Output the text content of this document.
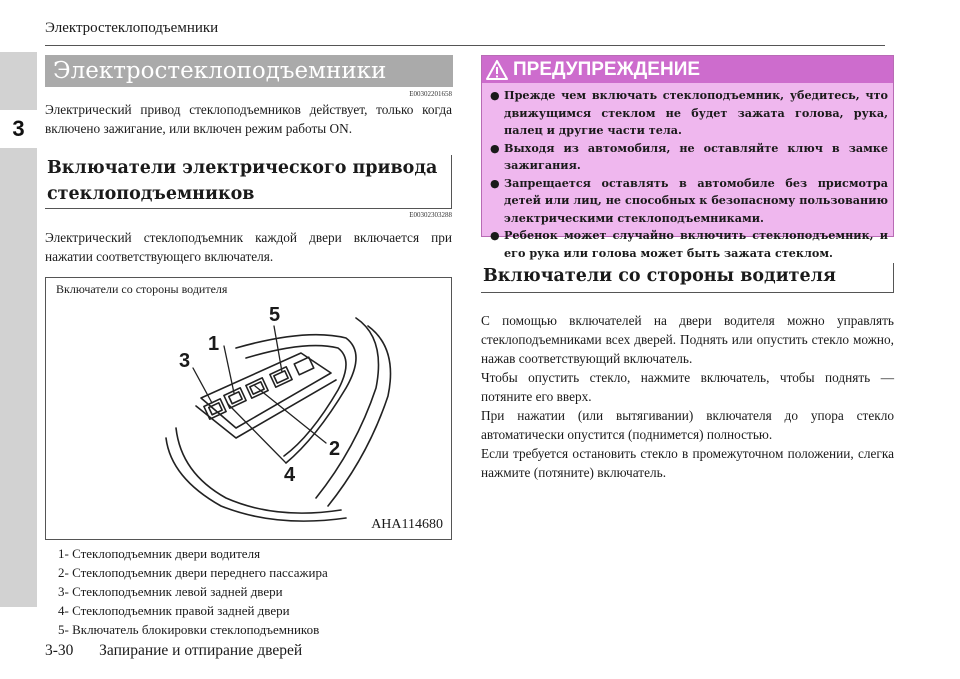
3
Электростеклоподъемники
Электростеклоподъемники
E00302201658
Электрический привод стеклоподъемников действует, только когда включено зажигание, или включен режим работы ON.
Включатели электрического привода стеклоподъемников
E00302303288
Электрический стеклоподъемник каждой двери включается при нажатии соответствующего включателя.
Включатели со стороны водителя
5
1
3
2
4
AHA114680
1- Стеклоподъемник двери водителя
2- Стеклоподъемник двери переднего пассажира
3- Стеклоподъемник левой задней двери
4- Стеклоподъемник правой задней двери
5- Включатель блокировки стеклоподъемников
ПРЕДУПРЕЖДЕНИЕ
● Прежде чем включать стеклоподъемник, убедитесь, что движущимся стеклом не будет зажата голова, рука, палец и другие части тела.
● Выходя из автомобиля, не оставляйте ключ в замке зажигания.
● Запрещается оставлять в автомобиле без присмотра детей или лиц, не способных к безопасному пользованию электрическими стеклоподъемниками.
● Ребенок может случайно включить стеклоподъемник, и его рука или голова может быть зажата стеклом.
Включатели со стороны водителя
С помощью включателей на двери водителя можно управлять стеклоподъемниками всех дверей. Поднять или опустить стекло можно, нажав соответствующий включатель.
Чтобы опустить стекло, нажмите включатель, чтобы поднять — потяните его вверх.
При нажатии (или вытягивании) включателя до упора стекло автоматически опустится (поднимется) полностью.
Если требуется остановить стекло в промежуточном положении, слегка нажмите (потяните) включатель.
3-30 Запирание и отпирание дверей
